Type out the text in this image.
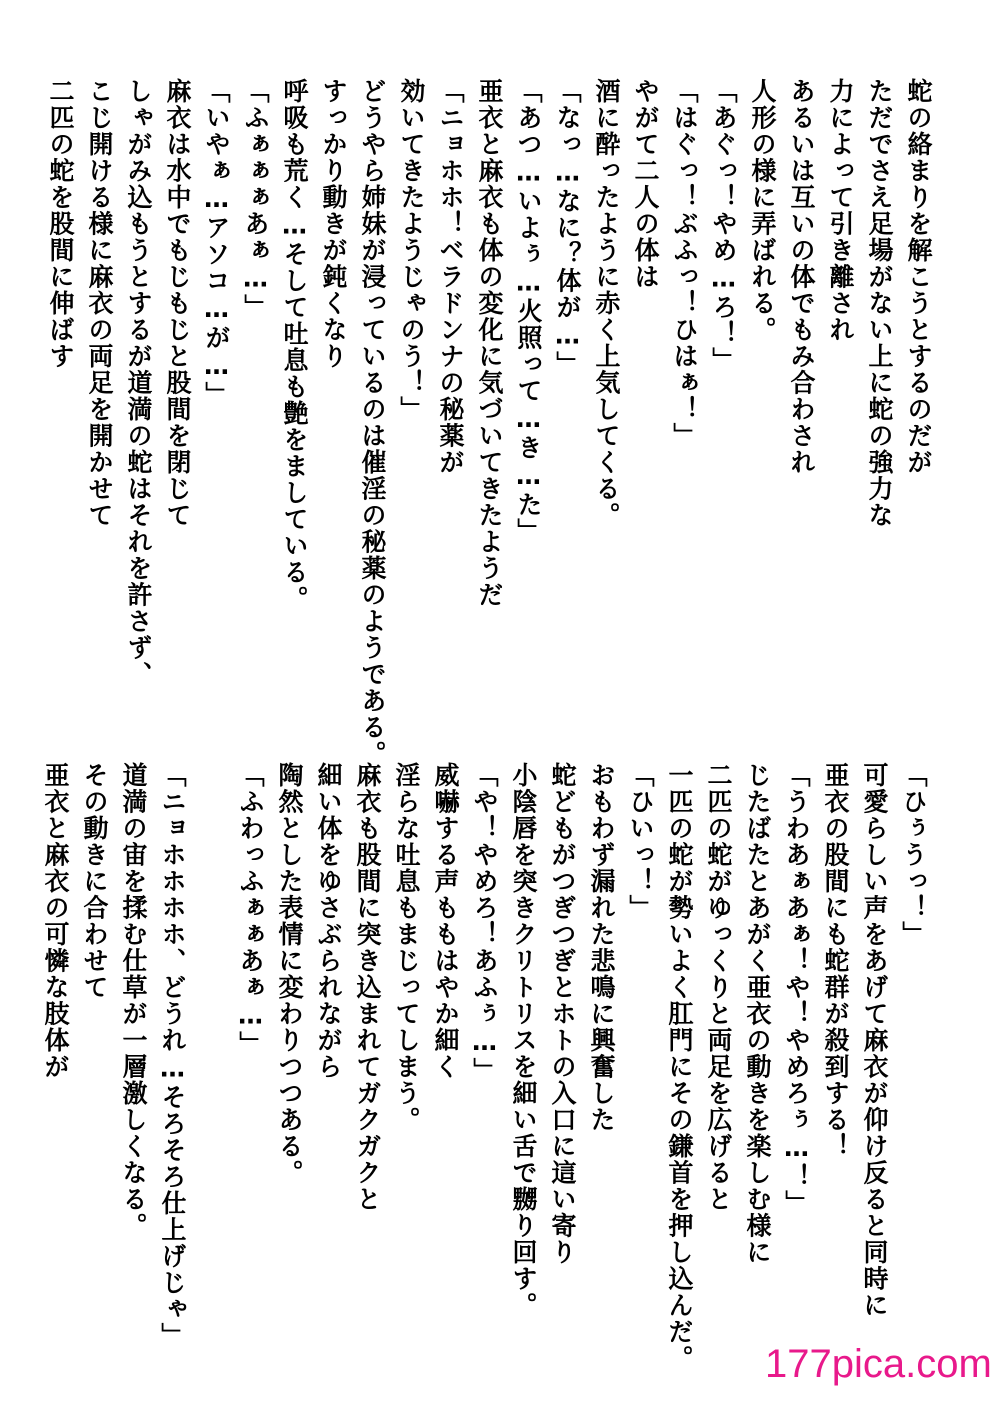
蛇の絡まりを解こうとするのだが
ただでさえ足場がない上に蛇の強力な
力によって引き離され
あるいは互いの体でもみ合わされ
人形の様に弄ばれる。
「あぐっ！やめ…ろ！」
「はぐっ！ぶふっ！ひはぁ！」
やがて二人の体は
酒に酔ったように赤く上気してくる。
「なっ…なに？体が…」
「あつ…いよぅ…火照って…き…た」
亜衣と麻衣も体の変化に気づいてきたようだ
「ニョホホ！ベラドンナの秘薬が
効いてきたようじゃのう！」
どうやら姉妹が浸っているのは催淫の秘薬のようである。
すっかり動きが鈍くなり
呼吸も荒く…そして吐息も艶をましている。
「ふぁぁぁあぁ…」
「いやぁ…アソコ…が…」
麻衣は水中でもじもじと股間を閉じて
しゃがみ込もうとするが道満の蛇はそれを許さず、
こじ開ける様に麻衣の両足を開かせて
二匹の蛇を股間に伸ばす
「ひぅうっ！」
可愛らしい声をあげて麻衣が仰け反ると同時に
亜衣の股間にも蛇群が殺到する！
「うわあぁあぁ！や！やめろぅ…！」
じたばたとあがく亜衣の動きを楽しむ様に
二匹の蛇がゆっくりと両足を広げると
一匹の蛇が勢いよく肛門にその鎌首を押し込んだ。
「ひいっ！」
おもわず漏れた悲鳴に興奮した
蛇どもがつぎつぎとホトの入口に這い寄り
小陰唇を突きクリトリスを細い舌で嬲り回す。
「や！やめろ！あふぅ…」
威嚇する声ももはやか細く
淫らな吐息もまじってしまう。
麻衣も股間に突き込まれてガクガクと
細い体をゆさぶられながら
陶然とした表情に変わりつつある。
「ふわっふぁぁあぁ…」
「ニョホホホホ、どうれ…そろそろ仕上げじゃ」
道満の宙を揉む仕草が一層激しくなる。
その動きに合わせて
亜衣と麻衣の可憐な肢体が
177pica.com
